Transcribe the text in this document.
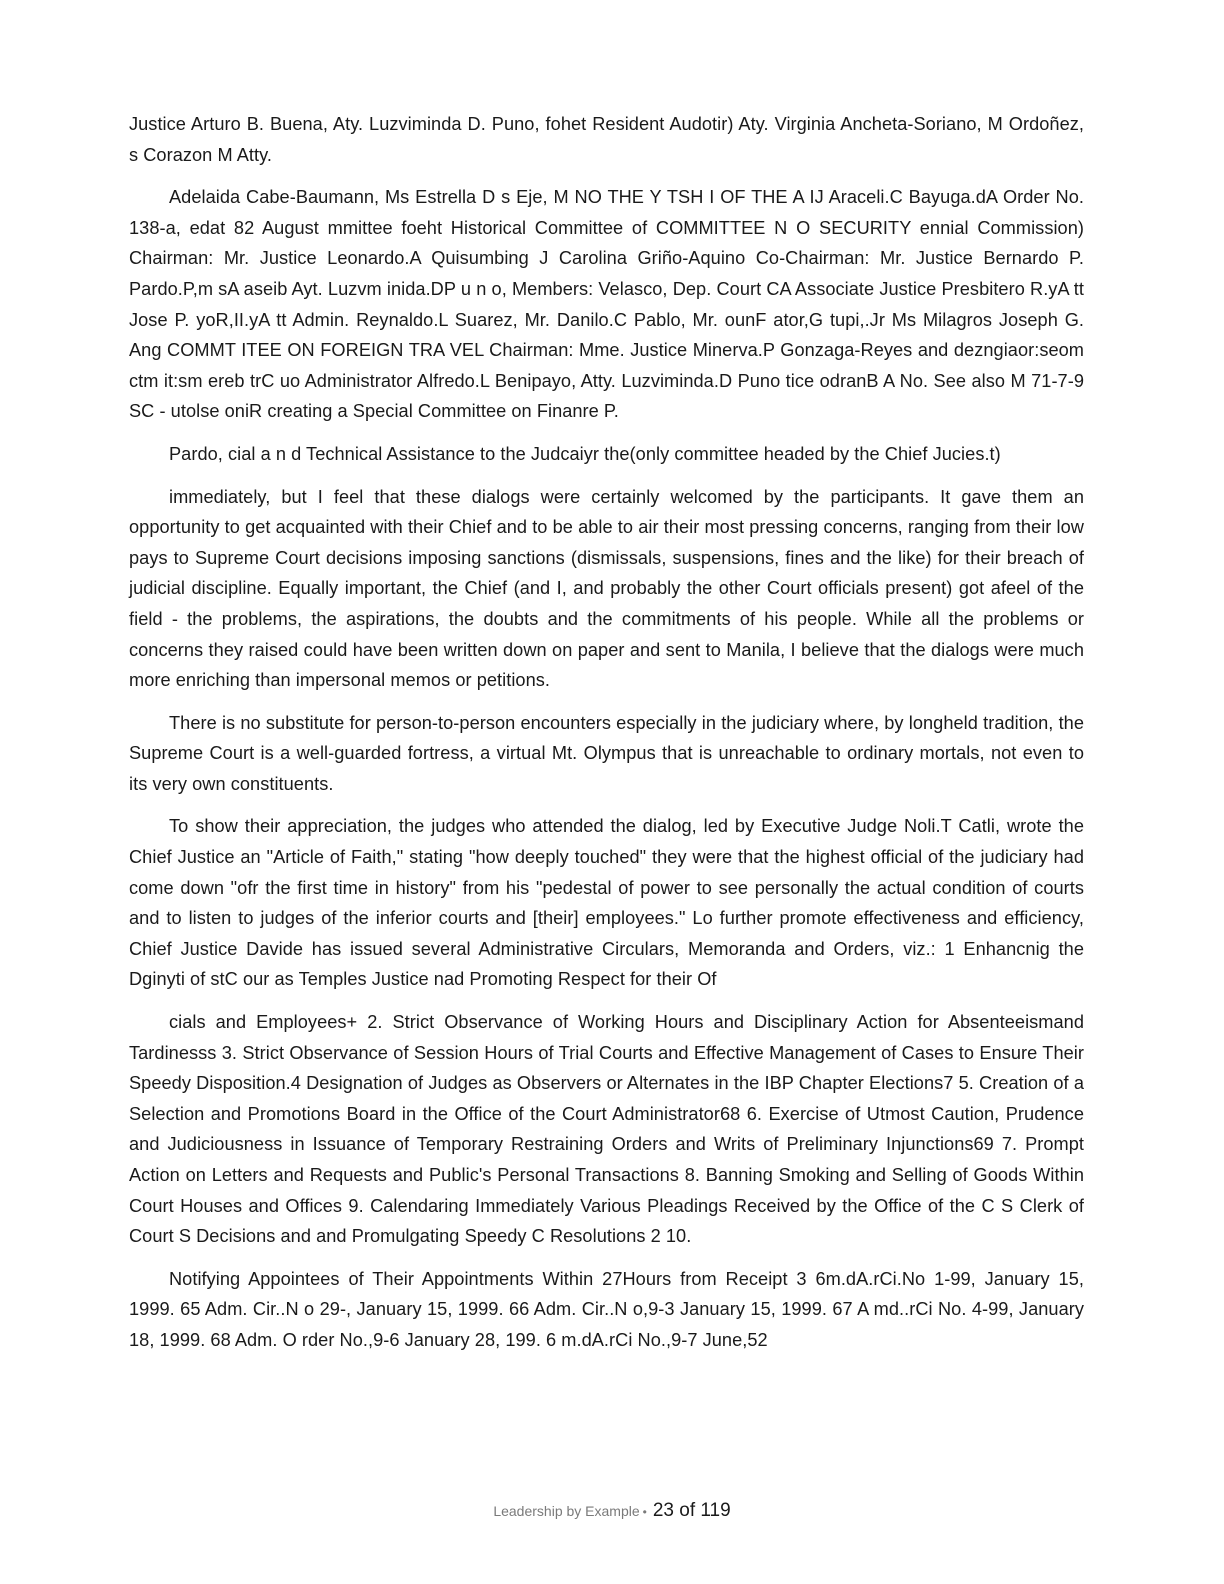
Justice Arturo B. Buena, Aty. Luzviminda D. Puno, fohet Resident Audotir) Aty. Virginia Ancheta-Soriano, M Ordoñez, s Corazon M Atty.

Adelaida Cabe-Baumann, Ms Estrella D s Eje, M NO THE Y TSH I OF THE A IJ Araceli.C Bayuga.dA Order No. 138-a, edat 82 August mmittee foeht Historical Committee of COMMITTEE N O SECURITY ennial Commission) Chairman: Mr. Justice Leonardo.A Quisumbing J Carolina Griño-Aquino Co-Chairman: Mr. Justice Bernardo P. Pardo.P,m sA aseib Ayt. Luzvm inida.DP u n o, Members: Velasco, Dep. Court CA Associate Justice Presbitero R.yA tt Jose P. yoR,II.yA tt Admin. Reynaldo.L Suarez, Mr. Danilo.C Pablo, Mr. ounF ator,G tupi,.Jr Ms Milagros Joseph G. Ang COMMT ITEE ON FOREIGN TRA VEL Chairman: Mme. Justice Minerva.P Gonzaga-Reyes and dezngiaor:seom ctm it:sm ereb trC uo Administrator Alfredo.L Benipayo, Atty. Luzviminda.D Puno tice odranB A No. See also M 71-7-9 SC - utolse oniR creating a Special Committee on Finanre P.

Pardo, cial a n d Technical Assistance to the Judcaiyr the(only committee headed by the Chief Jucies.t)

immediately, but I feel that these dialogs were certainly welcomed by the participants. It gave them an opportunity to get acquainted with their Chief and to be able to air their most pressing concerns, ranging from their low pays to Supreme Court decisions imposing sanctions (dismissals, suspensions, fines and the like) for their breach of judicial discipline. Equally important, the Chief (and I, and probably the other Court officials present) got afeel of the field - the problems, the aspirations, the doubts and the commitments of his people. While all the problems or concerns they raised could have been written down on paper and sent to Manila, I believe that the dialogs were much more enriching than impersonal memos or petitions.

There is no substitute for person-to-person encounters especially in the judiciary where, by longheld tradition, the Supreme Court is a well-guarded fortress, a virtual Mt. Olympus that is unreachable to ordinary mortals, not even to its very own constituents.

To show their appreciation, the judges who attended the dialog, led by Executive Judge Noli.T Catli, wrote the Chief Justice an "Article of Faith," stating "how deeply touched" they were that the highest official of the judiciary had come down "ofr the first time in history" from his "pedestal of power to see personally the actual condition of courts and to listen to judges of the inferior courts and [their] employees." Lo further promote effectiveness and efficiency, Chief Justice Davide has issued several Administrative Circulars, Memoranda and Orders, viz.: 1 Enhancnig the Dginyti of stC our as Temples Justice nad Promoting Respect for their Of

cials and Employees+ 2. Strict Observance of Working Hours and Disciplinary Action for Absenteeismand Tardinesss 3. Strict Observance of Session Hours of Trial Courts and Effective Management of Cases to Ensure Their Speedy Disposition.4 Designation of Judges as Observers or Alternates in the IBP Chapter Elections7 5. Creation of a Selection and Promotions Board in the Office of the Court Administrator68 6. Exercise of Utmost Caution, Prudence and Judiciousness in Issuance of Temporary Restraining Orders and Writs of Preliminary Injunctions69 7. Prompt Action on Letters and Requests and Public's Personal Transactions 8. Banning Smoking and Selling of Goods Within Court Houses and Offices 9. Calendaring Immediately Various Pleadings Received by the Office of the C S Clerk of Court S Decisions and and Promulgating Speedy C Resolutions 2 10.

Notifying Appointees of Their Appointments Within 27Hours from Receipt 3 6m.dA.rCi.No 1-99, January 15, 1999. 65 Adm. Cir..N o 29-, January 15, 1999. 66 Adm. Cir..N o,9-3 January 15, 1999. 67 A md..rCi No. 4-99, January 18, 1999. 68 Adm. O rder No.,9-6 January 28, 199. 6 m.dA.rCi No.,9-7 June,52

Leadership by Example • 23 of 119
